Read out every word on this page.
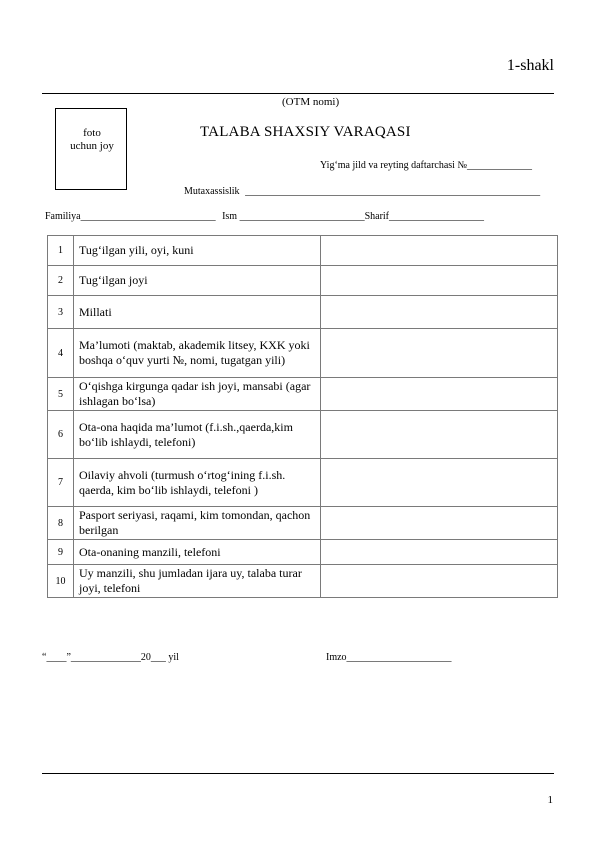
1-shakl
(OTM nomi)
foto
uchun joy
TALABA SHAXSIY VARAQASI
Yig‘ma jild va reyting daftarchasi №_____________
Mutaxassislik ___________________________________________________________
Familiya___________________________ Ism _________________________Sharif___________________
1	Tug‘ilgan yili, oyi, kuni	
2	Tug‘ilgan joyi	
3	Millati	
4	Ma’lumoti (maktab, akademik litsey, KXK yoki boshqa o‘quv yurti №, nomi, tugatgan yili)	
5	O‘qishga kirgunga qadar ish joyi, mansabi (agar ishlagan bo‘lsa)	
6	Ota-ona haqida ma’lumot (f.i.sh.,qaerda,kim bo‘lib ishlaydi, telefoni)	
7	Oilaviy ahvoli (turmush o‘rtog‘ining f.i.sh. qaerda, kim bo‘lib ishlaydi, telefoni )	
8	Pasport seriyasi, raqami, kim tomondan, qachon berilgan	
9	Ota-onaning manzili, telefoni	
10	Uy manzili, shu jumladan ijara uy, talaba turar joyi, telefoni	
“____”______________20___ yil	Imzo_____________________
1
